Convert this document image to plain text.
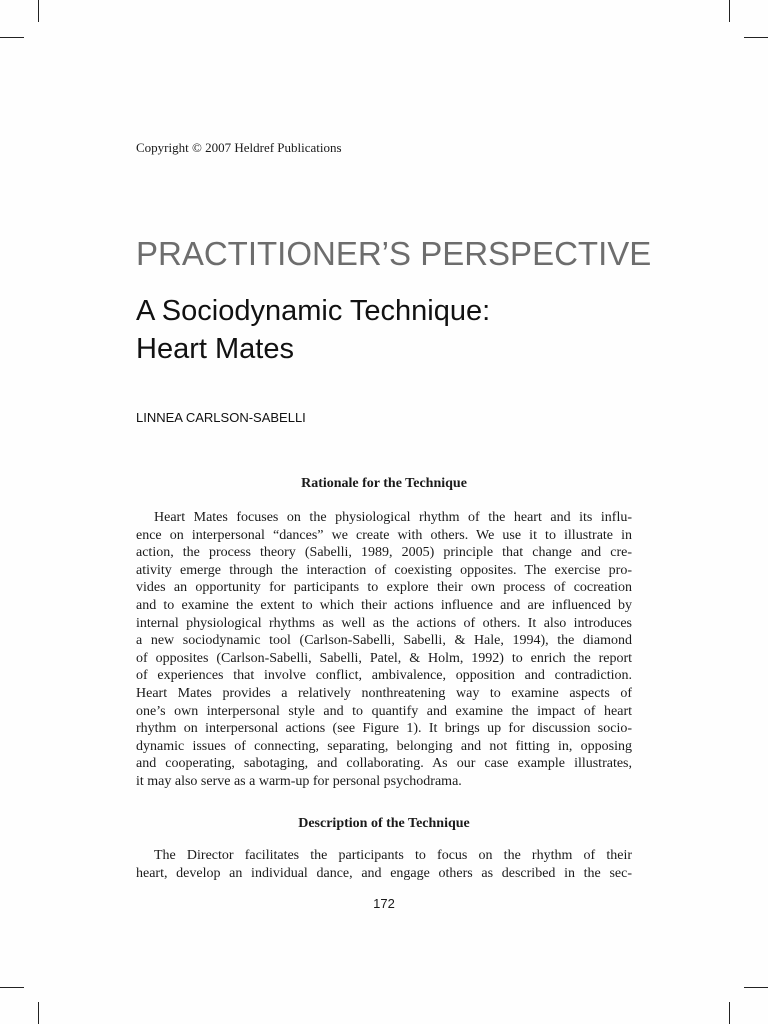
Copyright © 2007 Heldref Publications
PRACTITIONER’S PERSPECTIVE
A Sociodynamic Technique:
Heart Mates
LINNEA CARLSON-SABELLI
Rationale for the Technique
Heart Mates focuses on the physiological rhythm of the heart and its influ-
ence on interpersonal “dances” we create with others. We use it to illustrate in
action, the process theory (Sabelli, 1989, 2005) principle that change and cre-
ativity emerge through the interaction of coexisting opposites. The exercise pro-
vides an opportunity for participants to explore their own process of cocreation
and to examine the extent to which their actions influence and are influenced by
internal physiological rhythms as well as the actions of others. It also introduces
a new sociodynamic tool (Carlson-Sabelli, Sabelli, & Hale, 1994), the diamond
of opposites (Carlson-Sabelli, Sabelli, Patel, & Holm, 1992) to enrich the report
of experiences that involve conflict, ambivalence, opposition and contradiction.
Heart Mates provides a relatively nonthreatening way to examine aspects of
one’s own interpersonal style and to quantify and examine the impact of heart
rhythm on interpersonal actions (see Figure 1). It brings up for discussion socio-
dynamic issues of connecting, separating, belonging and not fitting in, opposing
and cooperating, sabotaging, and collaborating. As our case example illustrates,
it may also serve as a warm-up for personal psychodrama.
Description of the Technique
The Director facilitates the participants to focus on the rhythm of their
heart, develop an individual dance, and engage others as described in the sec-
172
